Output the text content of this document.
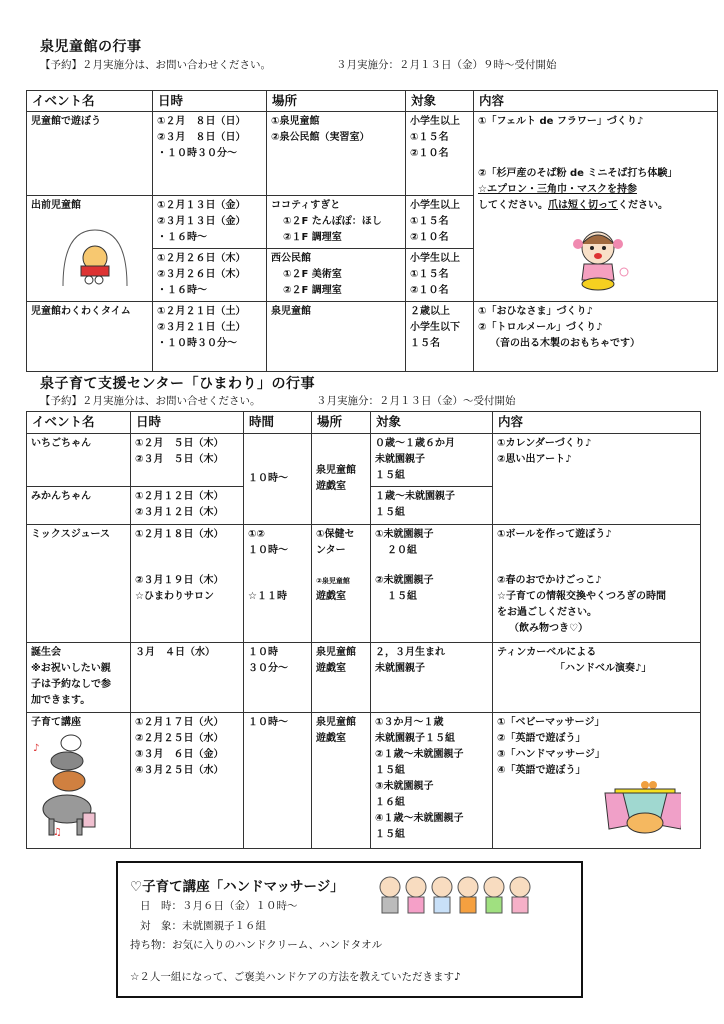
泉児童館の行事
【予約】２月実施分は、お問い合わせください。	３月実施分：２月１３日（金）９時～受付開始
イベント名	日時	場所	対象	内容
児童館で遊ぼう	①２月　８日（日）
②３月　８日（日）
・１０時３０分～	①泉児童館
②泉公民館（実習室）	小学生以上
①１５名
②１０名	①「フェルト de フラワー」づくり♪
②「杉戸産のそば粉 de ミニそば打ち体験」
☆エプロン・三角巾・マスクを持参
してください。爪は短く切ってください。

出前児童館	①２月１３日（金）
②３月１３日（金）
・１６時～	ココティすぎと
①２F たんぽぽ：ほし
②１F 調理室	小学生以上
①１５名
②１０名	

	①２月２６日（木）
②３月２６日（木）
・１６時～	西公民館
①２F 美術室
②２F 調理室	小学生以上
①１５名
②１０名	

児童館わくわくタイム	①２月２１日（土）
②３月２１日（土）
・１０時３０分～	泉児童館	２歳以上
小学生以下
１５名	①「おひなさま」づくり♪
②「トロルメール」づくり♪
（音の出る木製のおもちゃです）
泉子育て支援センター「ひまわり」の行事
【予約】２月実施分は、お問い合せください。	３月実施分：２月１３日（金）～受付開始
イベント名	日時	時間	場所	対象	内容
いちごちゃん	①２月　５日（木）
②３月　５日（木）	１０時～	泉児童館
遊戯室	０歳～１歳６か月
未就園親子
１５組	①カレンダーづくり♪
②思い出アート♪

みかんちゃん	①２月１２日（木）
②３月１２日（木）			１歳～未就園親子
１５組	

ミックスジュース	①２月１８日（水）
②３月１９日（木）
☆ひまわりサロン	①②
１０時～
☆１１時	①保健セ
ンター
②泉児童館
遊戯室	①未就園親子
２０組
②未就園親子
１５組	①ボールを作って遊ぼう♪
②春のおでかけごっこ♪
☆子育ての情報交換やくつろぎの時間
をお過ごしください。
（飲み物つき♡）

誕生会
※お祝いしたい親
子は予約なしで参
加できます。	３月　４日（水）	１０時
３０分～	泉児童館
遊戯室	２，３月生まれ
未就園親子	ティンカーベルによる
「ハンドベル演奏♪」

子育て講座
♪
♫

①２月１７日（火）
②２月２５日（水）
③３月　６日（金）
④３月２５日（水）
	１０時～	泉児童館
遊戯室

①３か月～１歳
未就園親子１５組
②１歳～未就園親子
１５組
③未就園親子
１６組
④１歳～未就園親子
１５組

①「ベビーマッサージ」
②「英語で遊ぼう」
③「ハンドマッサージ」
④「英語で遊ぼう」
♡子育て講座「ハンドマッサージ」
日　時：３月６日（金）１０時～
対　象：未就園親子１６組
持ち物：お気に入りのハンドクリーム、ハンドタオル
☆２人一組になって、ご褒美ハンドケアの方法を教えていただきます♪
